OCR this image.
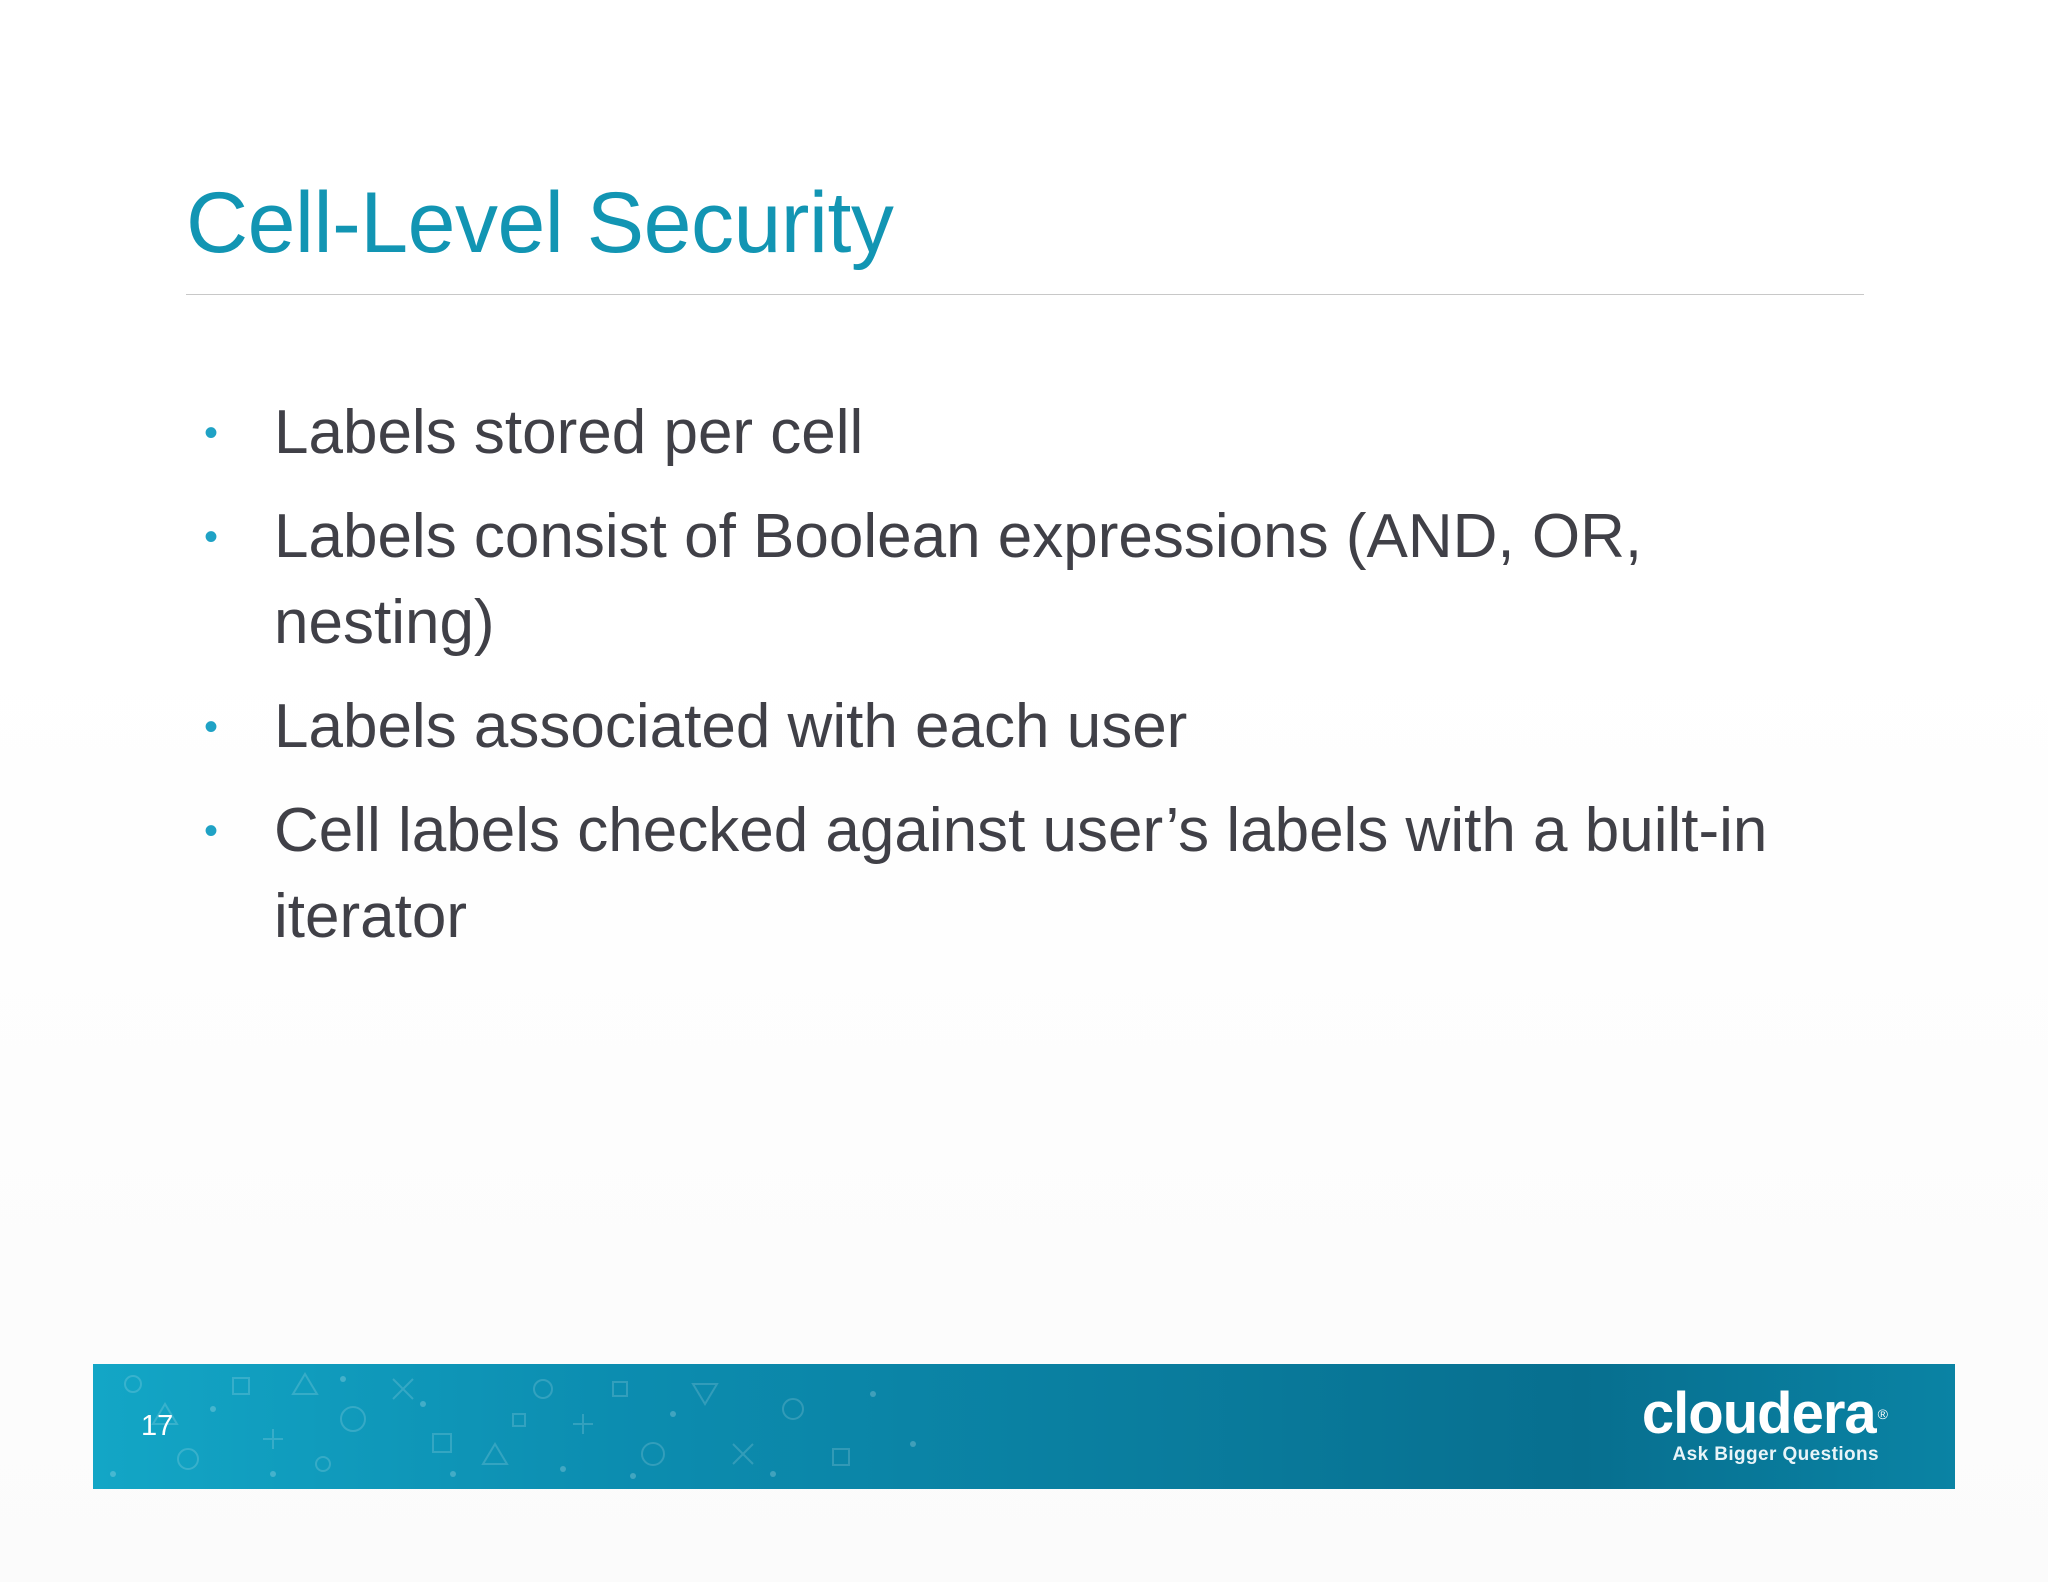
Cell-Level Security
• Labels stored per cell
• Labels consist of Boolean expressions (AND, OR, nesting)
• Labels associated with each user
• Cell labels checked against user’s labels with a built-in iterator
17	cloudera ®
Ask Bigger Questions
